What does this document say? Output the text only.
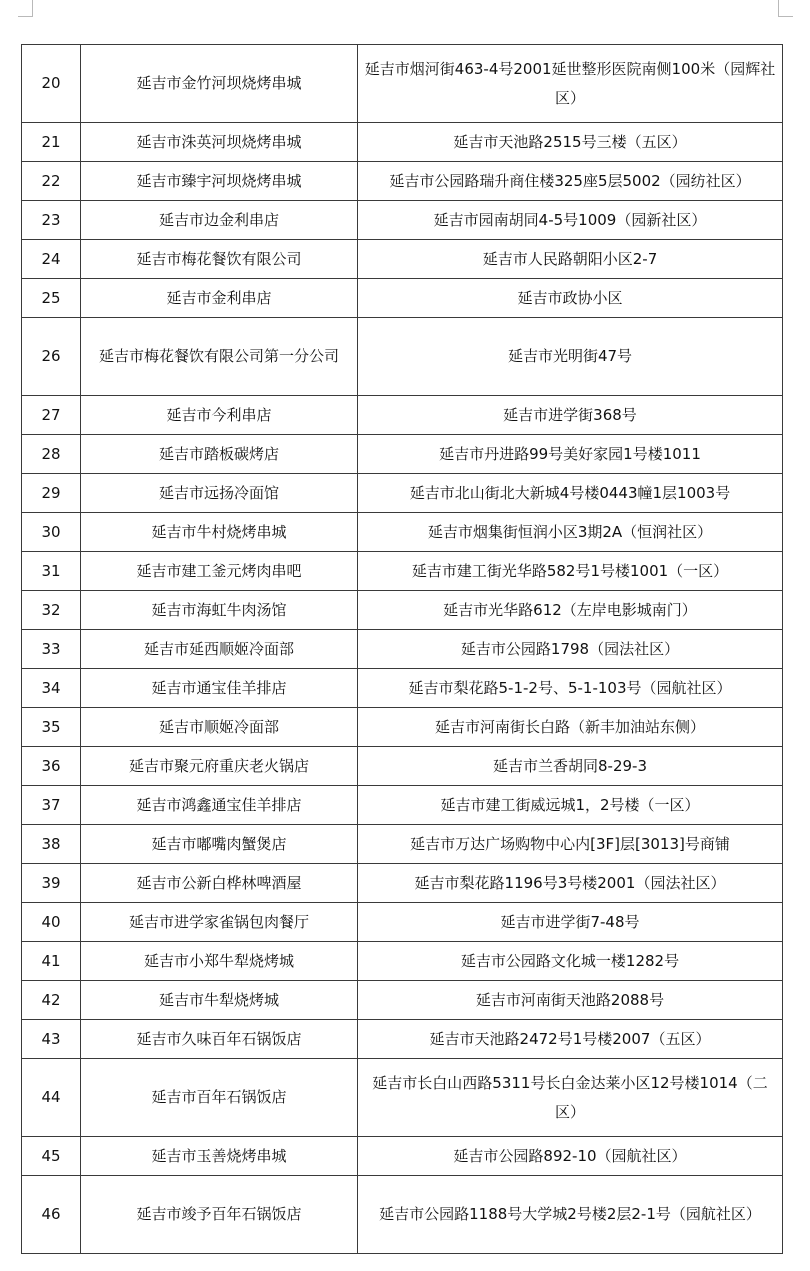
20	延吉市金竹河坝烧烤串城	延吉市烟河街463-4号2001延世整形医院南侧100米（园辉社区）
21	延吉市洙英河坝烧烤串城	延吉市天池路2515号三楼（五区）
22	延吉市臻宇河坝烧烤串城	延吉市公园路瑞升商住楼325座5层5002（园纺社区）
23	延吉市边金利串店	延吉市园南胡同4-5号1009（园新社区）
24	延吉市梅花餐饮有限公司	延吉市人民路朝阳小区2-7
25	延吉市金利串店	延吉市政协小区
26	延吉市梅花餐饮有限公司第一分公司	延吉市光明街47号
27	延吉市今利串店	延吉市进学街368号
28	延吉市踏板碳烤店	延吉市丹进路99号美好家园1号楼1011
29	延吉市远扬冷面馆	延吉市北山街北大新城4号楼0443幢1层1003号
30	延吉市牛村烧烤串城	延吉市烟集街恒润小区3期2A（恒润社区）
31	延吉市建工釜元烤肉串吧	延吉市建工街光华路582号1号楼1001（一区）
32	延吉市海虹牛肉汤馆	延吉市光华路612（左岸电影城南门）
33	延吉市延西顺姬冷面部	延吉市公园路1798（园法社区）
34	延吉市通宝佳羊排店	延吉市梨花路5-1-2号、5-1-103号（园航社区）
35	延吉市顺姬冷面部	延吉市河南街长白路（新丰加油站东侧）
36	延吉市聚元府重庆老火锅店	延吉市兰香胡同8-29-3
37	延吉市鸿鑫通宝佳羊排店	延吉市建工街威远城1，2号楼（一区）
38	延吉市嘟嘴肉蟹煲店	延吉市万达广场购物中心内[3F]层[3013]号商铺
39	延吉市公新白桦林啤酒屋	延吉市梨花路1196号3号楼2001（园法社区）
40	延吉市进学家雀锅包肉餐厅	延吉市进学街7-48号
41	延吉市小郑牛犁烧烤城	延吉市公园路文化城一楼1282号
42	延吉市牛犁烧烤城	延吉市河南街天池路2088号
43	延吉市久味百年石锅饭店	延吉市天池路2472号1号楼2007（五区）
44	延吉市百年石锅饭店	延吉市长白山西路5311号长白金达莱小区12号楼1014（二区）
45	延吉市玉善烧烤串城	延吉市公园路892-10（园航社区）
46	延吉市竣予百年石锅饭店	延吉市公园路1188号大学城2号楼2层2-1号（园航社区）
